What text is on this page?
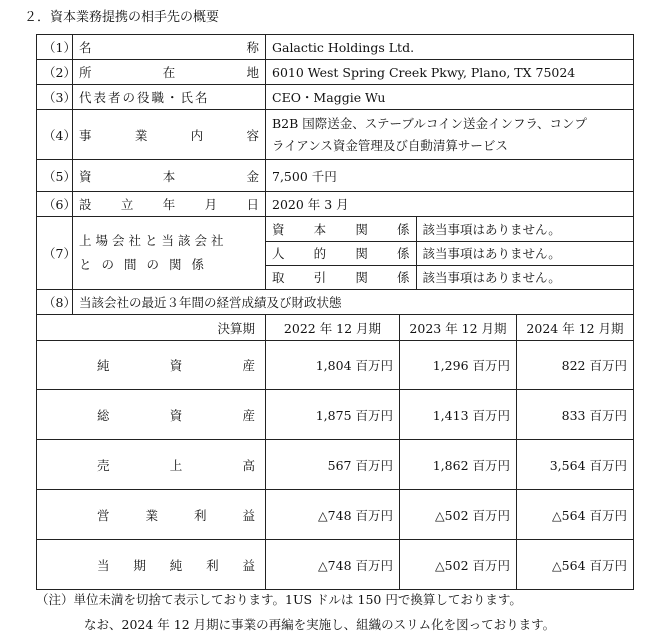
２．資本業務提携の相手先の概要
（1）	名	称	Galactic Holdings Ltd.
（2）	所	在	地	6010 West Spring Creek Pkwy, Plano, TX 75024
（3）	代表者の役職・氏名	CEO・Maggie Wu
（4）	事	業	内	容

B2B 国際送金、ステーブルコイン送金インフラ、コンプ
ライアンス資金管理及び自動清算サービス

（5）	資	本	金	7,500 千円
（6）	設 立 年 月 日	2020 年 3 月
（7）	
上場会社と当該会社
との間の関係

資 本 関 係	該当事項はありません。

人 的 関 係	該当事項はありません。

取 引 関 係	該当事項はありません。

（8）	当該会社の最近３年間の経営成績及び財政状態
決算期	2022 年 12 月期	2023 年 12 月期	2024 年 12 月期

純	資	産	1,804 百万円	1,296 百万円	822 百万円

総	資	産	1,875 百万円	1,413 百万円	833 百万円

売	上	高	567 百万円	1,862 百万円	3,564 百万円

営	業	利	益	△748 百万円	△502 百万円	△564 百万円

当 期 純 利 益	△748 百万円	△502 百万円	△564 百万円
（注）単位未満を切捨て表示しております。1US ドルは 150 円で換算しております。
なお、2024 年 12 月期に事業の再編を実施し、組織のスリム化を図っております。
